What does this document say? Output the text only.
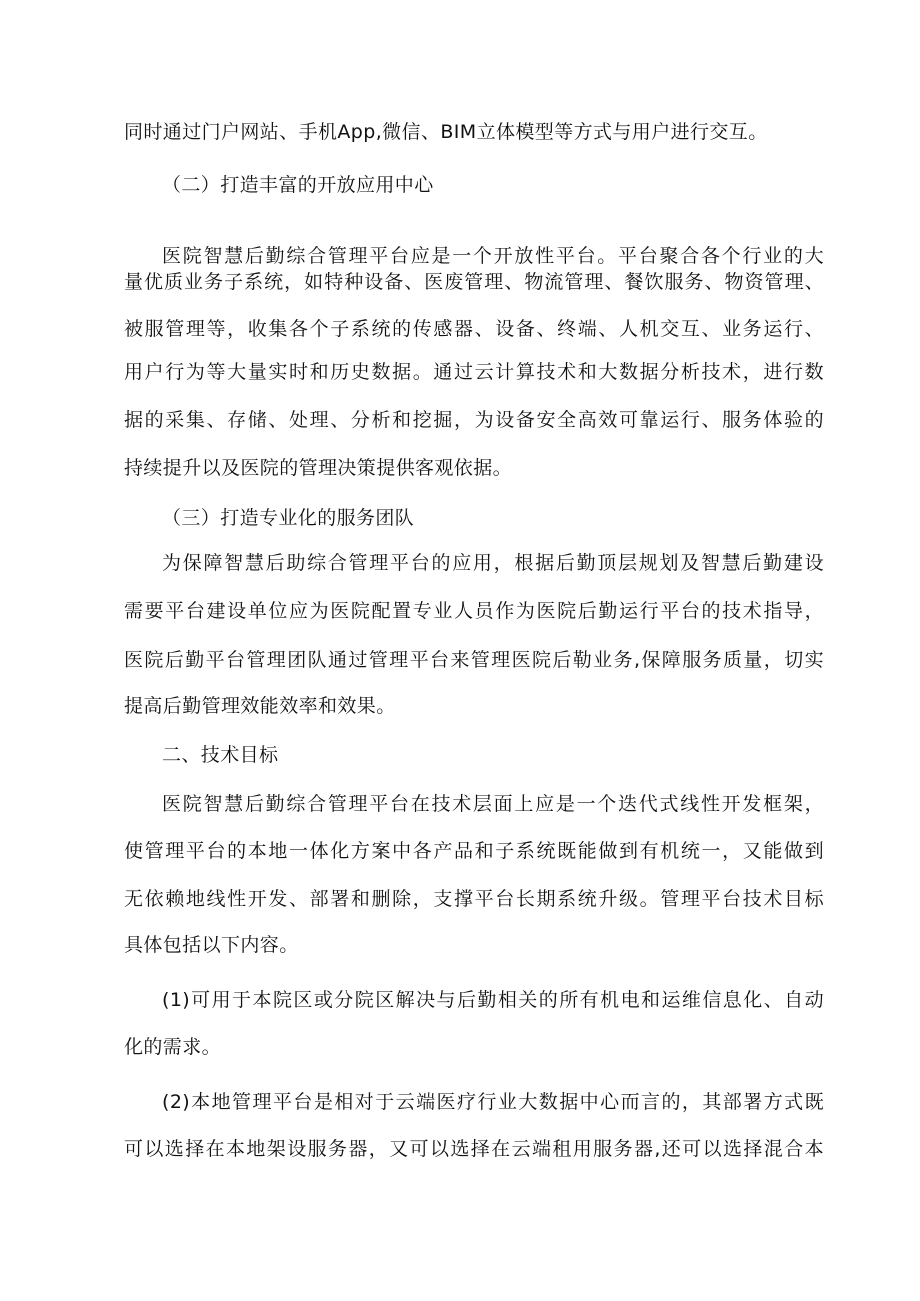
同时通过门户网站、手机App,微信、BIM立体模型等方式与用户进行交互。
（二）打造丰富的开放应用中心
医院智慧后勤综合管理平台应是一个开放性平台。平台聚合各个行业的大
量优质业务子系统，如特种设备、医废管理、物流管理、餐饮服务、物资管理、
被服管理等，收集各个子系统的传感器、设备、终端、人机交互、业务运行、
用户行为等大量实时和历史数据。通过云计算技术和大数据分析技术，进行数
据的采集、存储、处理、分析和挖掘，为设备安全高效可靠运行、服务体验的
持续提升以及医院的管理决策提供客观依据。
（三）打造专业化的服务团队
为保障智慧后助综合管理平台的应用，根据后勤顶层规划及智慧后勤建设
需要平台建设单位应为医院配置专业人员作为医院后勤运行平台的技术指导，
医院后勤平台管理团队通过管理平台来管理医院后勒业务,保障服务质量，切实
提高后勤管理效能效率和效果。
二、技术目标
医院智慧后勤综合管理平台在技术层面上应是一个迭代式线性开发框架，
使管理平台的本地一体化方案中各产品和子系统既能做到有机统一，又能做到
无依赖地线性开发、部署和删除，支撑平台长期系统升级。管理平台技术目标
具体包括以下内容。
(1)可用于本院区或分院区解决与后勤相关的所有机电和运维信息化、自动
化的需求。
(2)本地管理平台是相对于云端医疗行业大数据中心而言的，其部署方式既
可以选择在本地架设服务器，又可以选择在云端租用服务器,还可以选择混合本
